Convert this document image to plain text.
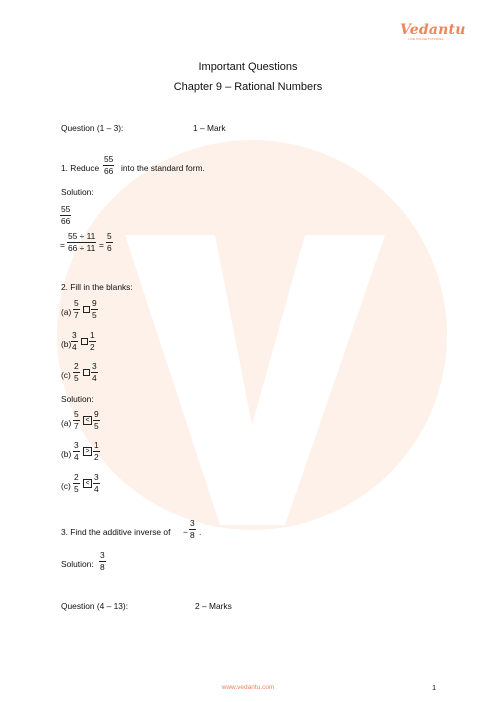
Vedantu
LIVE ONLINE TUTORING
Important Questions
Chapter 9 – Rational Numbers
Question (1 – 3):	1 – Mark
1. Reduce
55
66 into the standard form.
Solution:
55
66
=
55 ÷ 11
66 ÷ 11 =
5
6
2. Fill in the blanks:
(a)
5
7
9
5
(b)
3
4
1
2
(c)
2
5
3
4
Solution:
(a)
5
7
<
9
5
(b)
3
4
>
1
2
(c)
2
5
<
3
4
3. Find the additive inverse of −
3
8 .
Solution:
3
8
Question (4 – 13):	2 – Marks
www.vedantu.com	1
